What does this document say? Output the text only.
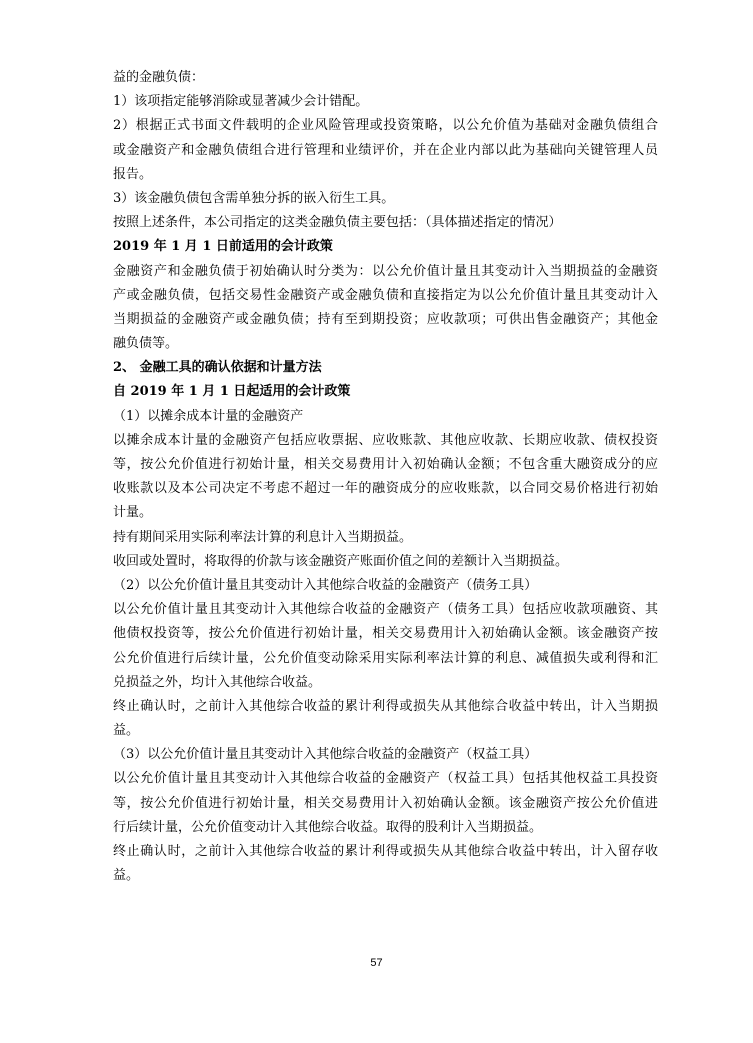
益的金融负债：
1）该项指定能够消除或显著减少会计错配。
2）根据正式书面文件载明的企业风险管理或投资策略，以公允价值为基础对金融负债组合
或金融资产和金融负债组合进行管理和业绩评价，并在企业内部以此为基础向关键管理人员
报告。
3）该金融负债包含需单独分拆的嵌入衍生工具。
按照上述条件，本公司指定的这类金融负债主要包括：（具体描述指定的情况）
2019 年 1 月 1 日前适用的会计政策
金融资产和金融负债于初始确认时分类为：以公允价值计量且其变动计入当期损益的金融资
产或金融负债，包括交易性金融资产或金融负债和直接指定为以公允价值计量且其变动计入
当期损益的金融资产或金融负债；持有至到期投资；应收款项；可供出售金融资产；其他金
融负债等。
2、 金融工具的确认依据和计量方法
自 2019 年 1 月 1 日起适用的会计政策
（1）以摊余成本计量的金融资产
以摊余成本计量的金融资产包括应收票据、应收账款、其他应收款、长期应收款、债权投资
等，按公允价值进行初始计量，相关交易费用计入初始确认金额；不包含重大融资成分的应
收账款以及本公司决定不考虑不超过一年的融资成分的应收账款，以合同交易价格进行初始
计量。
持有期间采用实际利率法计算的利息计入当期损益。
收回或处置时，将取得的价款与该金融资产账面价值之间的差额计入当期损益。
（2）以公允价值计量且其变动计入其他综合收益的金融资产（债务工具）
以公允价值计量且其变动计入其他综合收益的金融资产（债务工具）包括应收款项融资、其
他债权投资等，按公允价值进行初始计量，相关交易费用计入初始确认金额。该金融资产按
公允价值进行后续计量，公允价值变动除采用实际利率法计算的利息、减值损失或利得和汇
兑损益之外，均计入其他综合收益。
终止确认时，之前计入其他综合收益的累计利得或损失从其他综合收益中转出，计入当期损
益。
（3）以公允价值计量且其变动计入其他综合收益的金融资产（权益工具）
以公允价值计量且其变动计入其他综合收益的金融资产（权益工具）包括其他权益工具投资
等，按公允价值进行初始计量，相关交易费用计入初始确认金额。该金融资产按公允价值进
行后续计量，公允价值变动计入其他综合收益。取得的股利计入当期损益。
终止确认时，之前计入其他综合收益的累计利得或损失从其他综合收益中转出，计入留存收
益。
57
